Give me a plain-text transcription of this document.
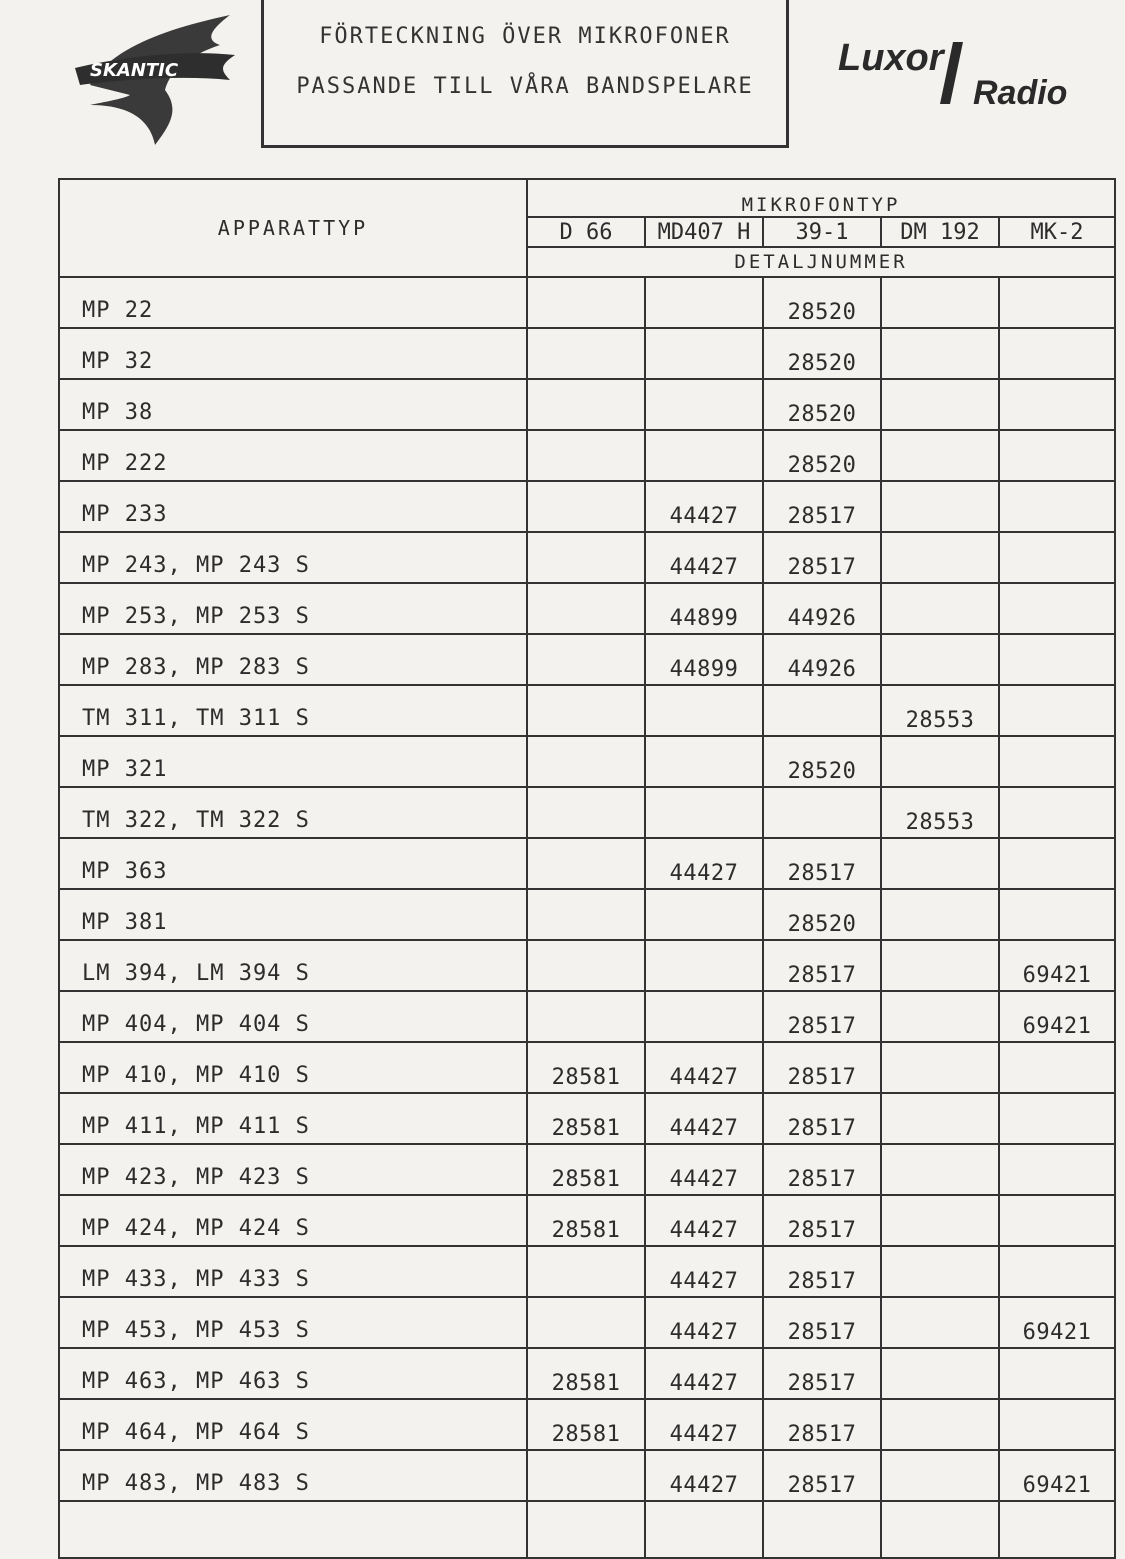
SKANTIC
FÖRTECKNING ÖVER MIKROFONER
PASSANDE TILL VÅRA BANDSPELARE
Luxor
Radio
APPARATTYP	MIKROFONTYP				
	D 66	MD407 H	39-1	DM 192	MK-2
	DETALJNUMMER				
MP 22			28520		
MP 32			28520		
MP 38			28520		
MP 222			28520		
MP 233		44427	28517		
MP 243, MP 243 S		44427	28517		
MP 253, MP 253 S		44899	44926		
MP 283, MP 283 S		44899	44926		
TM 311, TM 311 S				28553	
MP 321			28520		
TM 322, TM 322 S				28553	
MP 363		44427	28517		
MP 381			28520		
LM 394, LM 394 S			28517		69421
MP 404, MP 404 S			28517		69421
MP 410, MP 410 S	28581	44427	28517		
MP 411, MP 411 S	28581	44427	28517		
MP 423, MP 423 S	28581	44427	28517		
MP 424, MP 424 S	28581	44427	28517		
MP 433, MP 433 S		44427	28517		
MP 453, MP 453 S		44427	28517		69421
MP 463, MP 463 S	28581	44427	28517		
MP 464, MP 464 S	28581	44427	28517		
MP 483, MP 483 S		44427	28517		69421
